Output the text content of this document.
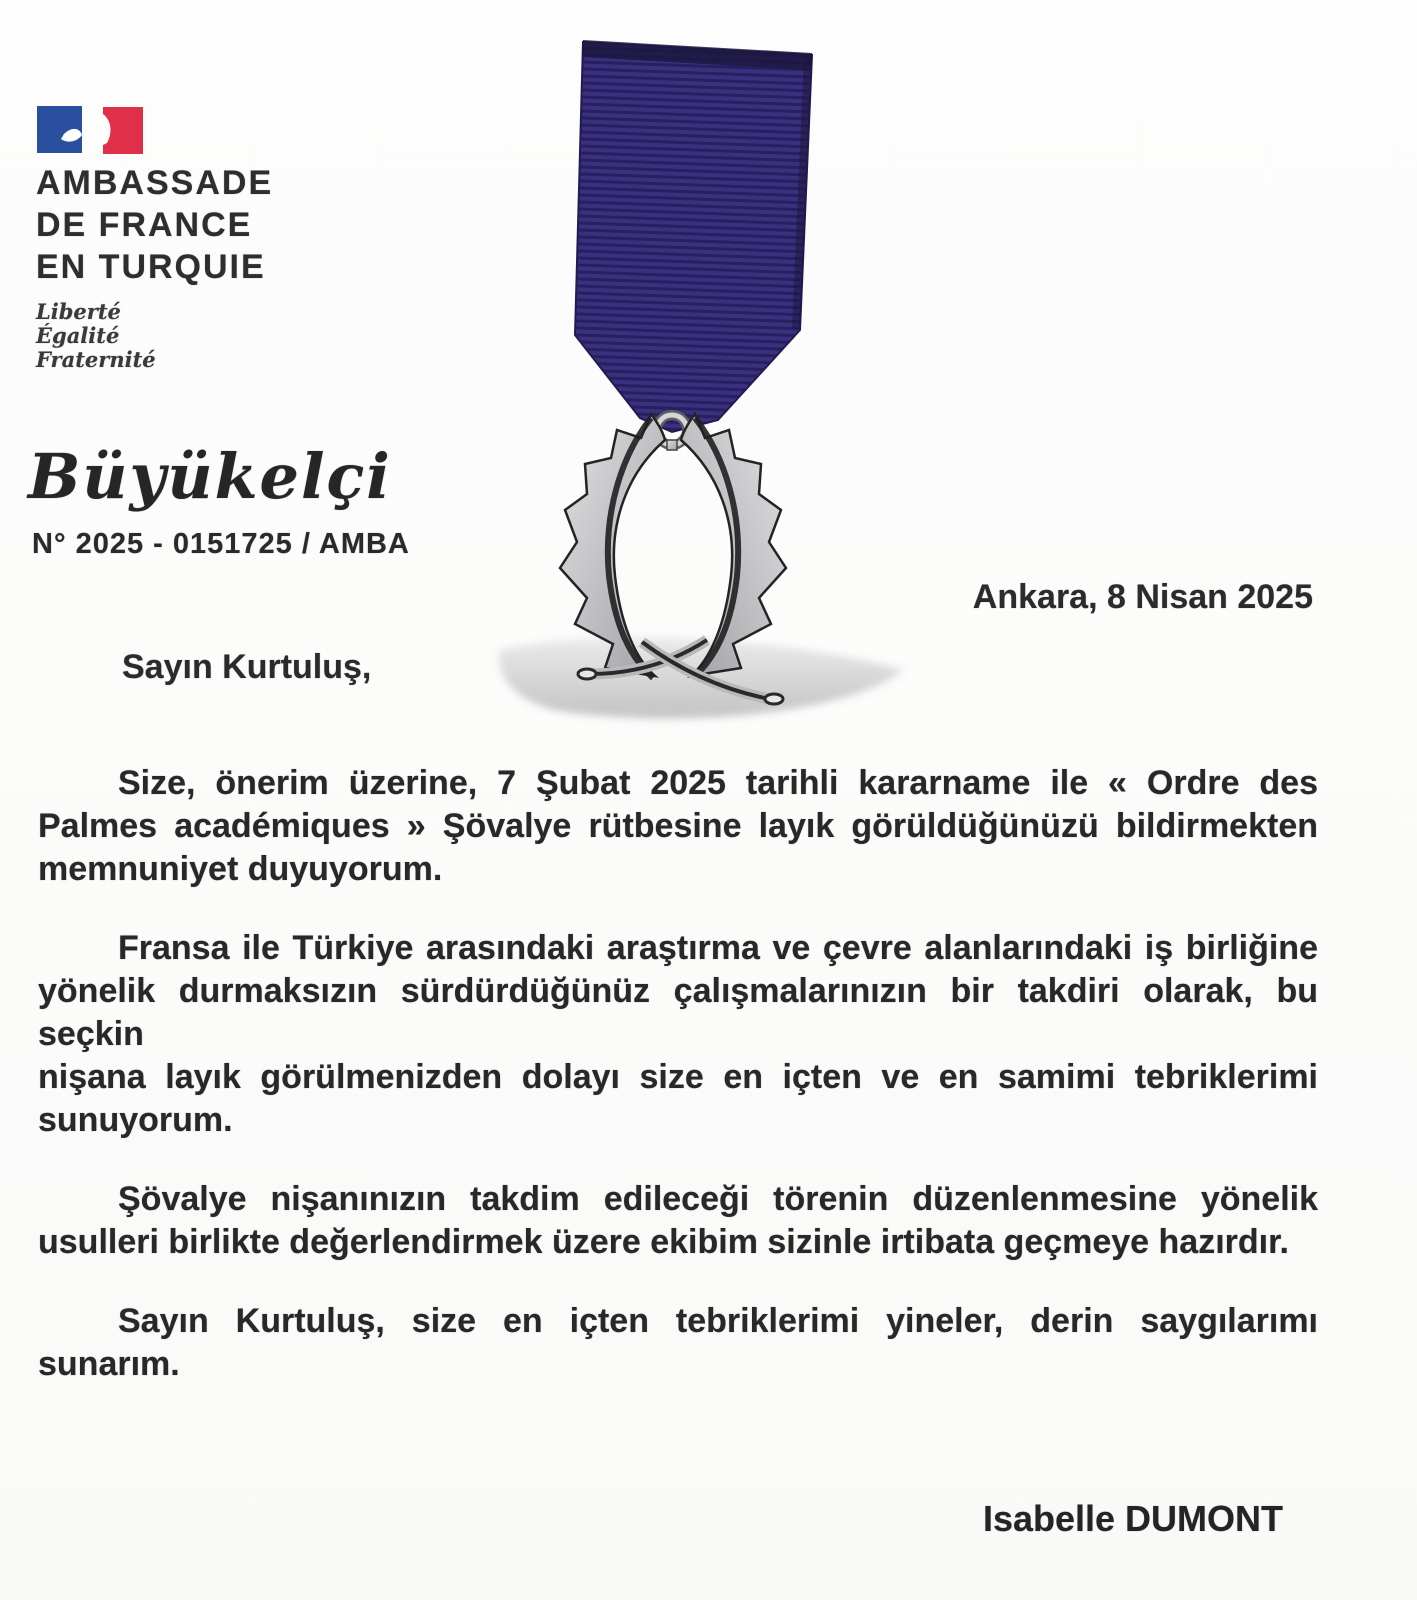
AMBASSADE
DE FRANCE
EN TURQUIE
Liberté
Égalité
Fraternité
Büyükelçi
N° 2025 - 0151725 / AMBA
Ankara, 8 Nisan 2025
Sayın Kurtuluş,
Size, önerim üzerine, 7 Şubat 2025 tarihli kararname ile « Ordre des
Palmes académiques » Şövalye rütbesine layık görüldüğünüzü bildirmekten
memnuniyet duyuyorum.
Fransa ile Türkiye arasındaki araştırma ve çevre alanlarındaki iş birliğine
yönelik durmaksızın sürdürdüğünüz çalışmalarınızın bir takdiri olarak, bu seçkin
nişana layık görülmenizden dolayı size en içten ve en samimi tebriklerimi
sunuyorum.
Şövalye nişanınızın takdim edileceği törenin düzenlenmesine yönelik
usulleri birlikte değerlendirmek üzere ekibim sizinle irtibata geçmeye hazırdır.
Sayın Kurtuluş, size en içten tebriklerimi yineler, derin saygılarımı
sunarım.
Isabelle DUMONT
